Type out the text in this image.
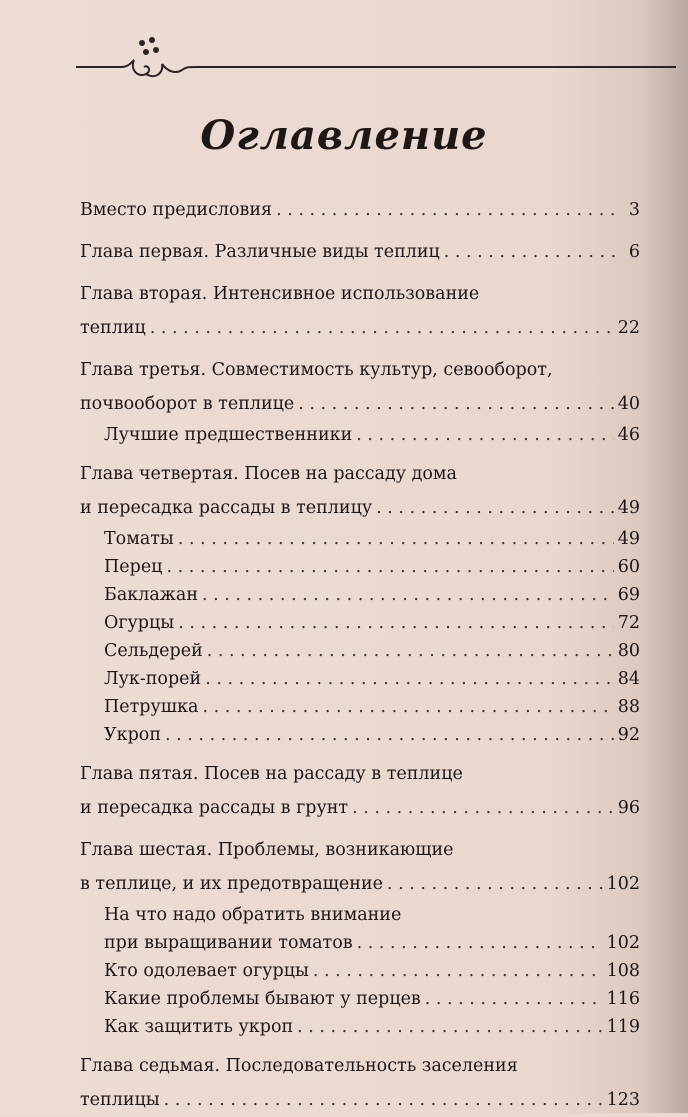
Оглавление
Вместо предисловия . . .	3
Глава первая. Различные виды теплиц . . .	6
Глава вторая. Интенсивное использование
теплиц . . .	22
Глава третья. Совместимость культур, севооборот,
почвооборот в теплице . . .	40
Лучшие предшественники . . .	46
Глава четвертая. Посев на рассаду дома
и пересадка рассады в теплицу . . .	49
Томаты . . .	49
Перец . . .	60
Баклажан . . .	69
Огурцы . . .	72
Сельдерей . . .	80
Лук-порей . . .	84
Петрушка . . .	88
Укроп . . .	92
Глава пятая. Посев на рассаду в теплице
и пересадка рассады в грунт . . .	96
Глава шестая. Проблемы, возникающие
в теплице, и их предотвращение . . .	102
На что надо обратить внимание
при выращивании томатов . . .	102
Кто одолевает огурцы . . .	108
Какие проблемы бывают у перцев . . .	116
Как защитить укроп . . .	119
Глава седьмая. Последовательность заселения
теплицы . . .	123
